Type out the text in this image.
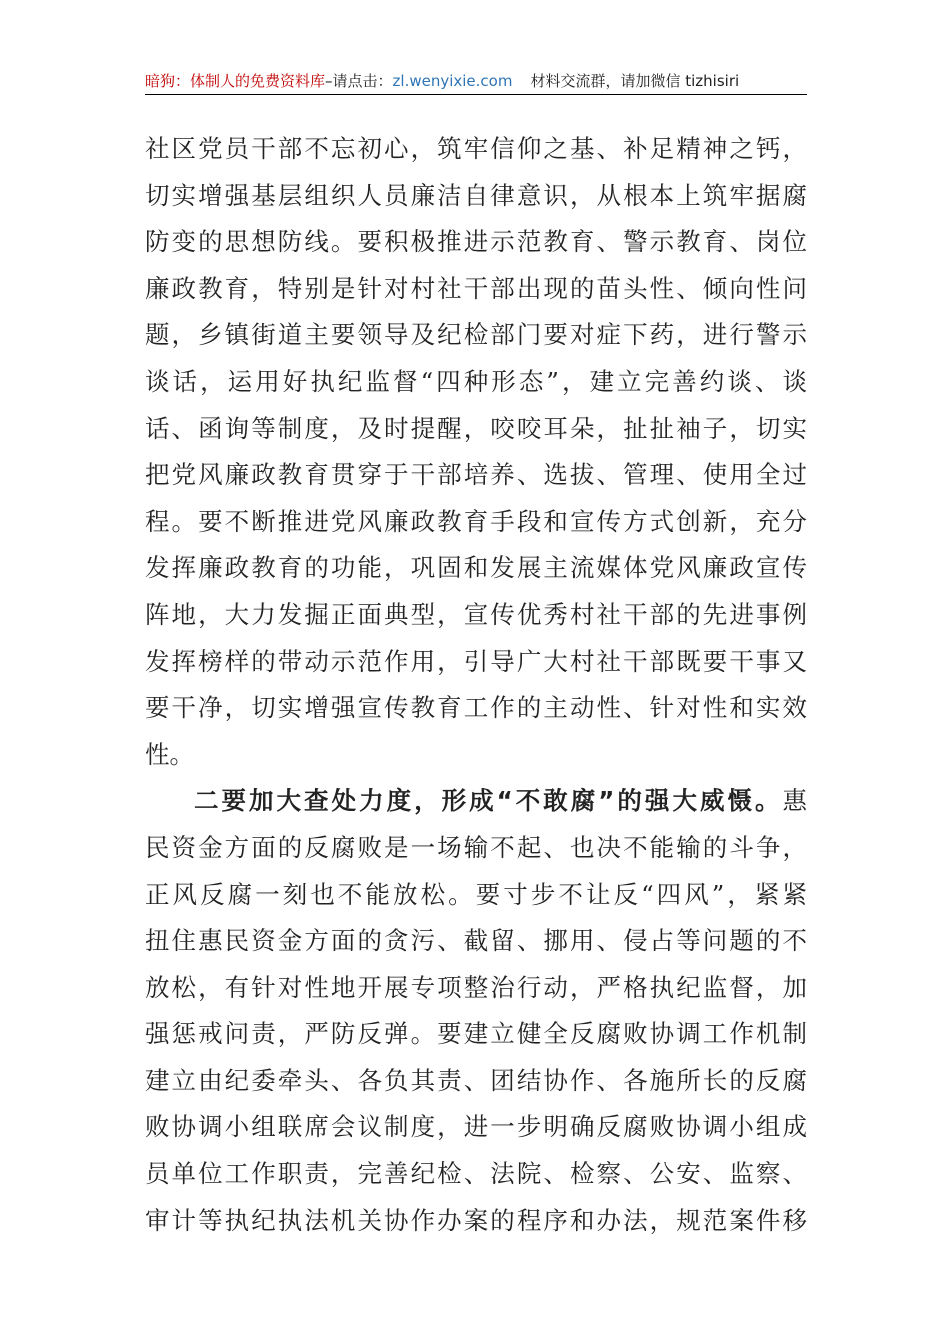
暗狗：体制人的免费资料库–请点击：zl.wenyixie.com 材料交流群，请加微信 tizhisiri
社区党员干部不忘初心，筑牢信仰之基、补足精神之钙，
切实增强基层组织人员廉洁自律意识，从根本上筑牢据腐
防变的思想防线。要积极推进示范教育、警示教育、岗位
廉政教育，特别是针对村社干部出现的苗头性、倾向性问
题，乡镇街道主要领导及纪检部门要对症下药，进行警示
谈话，运用好执纪监督“四种形态”，建立完善约谈、谈
话、函询等制度，及时提醒，咬咬耳朵，扯扯袖子，切实
把党风廉政教育贯穿于干部培养、选拔、管理、使用全过
程。要不断推进党风廉政教育手段和宣传方式创新，充分
发挥廉政教育的功能，巩固和发展主流媒体党风廉政宣传
阵地，大力发掘正面典型，宣传优秀村社干部的先进事例
发挥榜样的带动示范作用，引导广大村社干部既要干事又
要干净，切实增强宣传教育工作的主动性、针对性和实效
性。
二要加大查处力度，形成“不敢腐”的强大威慑。惠
民资金方面的反腐败是一场输不起、也决不能输的斗争，
正风反腐一刻也不能放松。要寸步不让反“四风”，紧紧
扭住惠民资金方面的贪污、截留、挪用、侵占等问题的不
放松，有针对性地开展专项整治行动，严格执纪监督，加
强惩戒问责，严防反弹。要建立健全反腐败协调工作机制
建立由纪委牵头、各负其责、团结协作、各施所长的反腐
败协调小组联席会议制度，进一步明确反腐败协调小组成
员单位工作职责，完善纪检、法院、检察、公安、监察、
审计等执纪执法机关协作办案的程序和办法，规范案件移
